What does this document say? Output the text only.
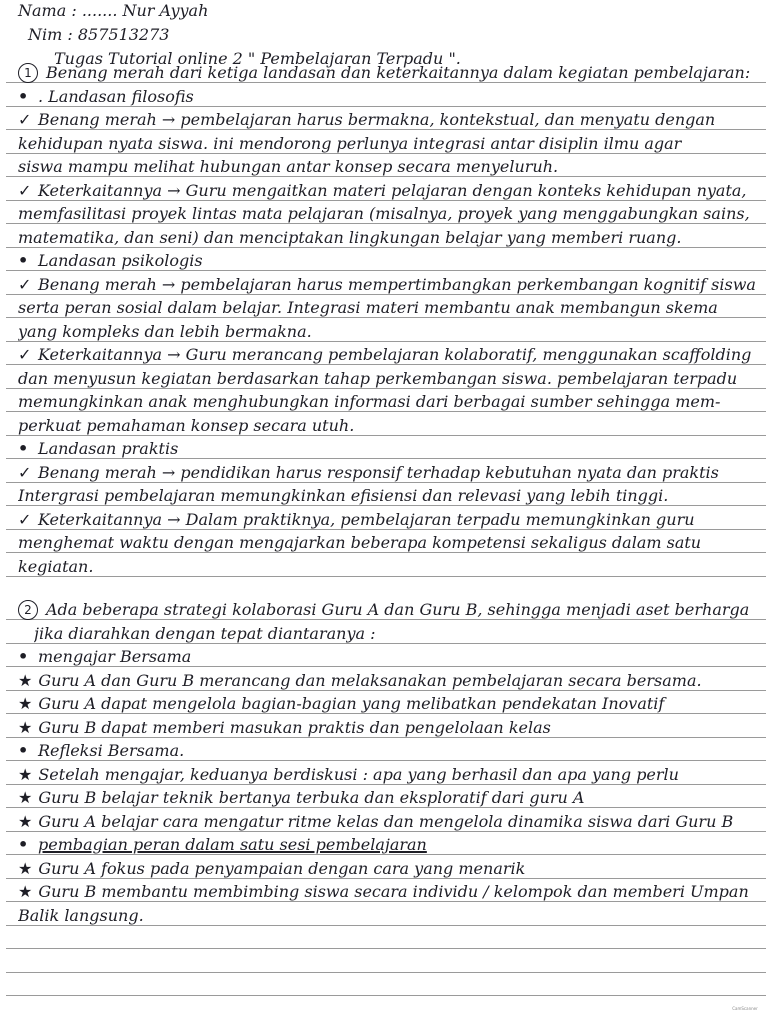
Nama : ....... Nur Ayyah
Nim : 857513273
Tugas Tutorial online 2 " Pembelajaran Terpadu ".
1 Benang merah dari ketiga landasan dan keterkaitannya dalam kegiatan pembelajaran:
• . Landasan filosofis
✓ Benang merah → pembelajaran harus bermakna, kontekstual, dan menyatu dengan
kehidupan nyata siswa. ini mendorong perlunya integrasi antar disiplin ilmu agar
siswa mampu melihat hubungan antar konsep secara menyeluruh.
✓ Keterkaitannya → Guru mengaitkan materi pelajaran dengan konteks kehidupan nyata,
memfasilitasi proyek lintas mata pelajaran (misalnya, proyek yang menggabungkan sains,
matematika, dan seni) dan menciptakan lingkungan belajar yang memberi ruang.
• Landasan psikologis
✓ Benang merah → pembelajaran harus mempertimbangkan perkembangan kognitif siswa
serta peran sosial dalam belajar. Integrasi materi membantu anak membangun skema
yang kompleks dan lebih bermakna.
✓ Keterkaitannya → Guru merancang pembelajaran kolaboratif, menggunakan scaffolding
dan menyusun kegiatan berdasarkan tahap perkembangan siswa. pembelajaran terpadu
memungkinkan anak menghubungkan informasi dari berbagai sumber sehingga mem-
perkuat pemahaman konsep secara utuh.
• Landasan praktis
✓ Benang merah → pendidikan harus responsif terhadap kebutuhan nyata dan praktis
Intergrasi pembelajaran memungkinkan efisiensi dan relevasi yang lebih tinggi.
✓ Keterkaitannya → Dalam praktiknya, pembelajaran terpadu memungkinkan guru
menghemat waktu dengan mengajarkan beberapa kompetensi sekaligus dalam satu
kegiatan.
2 Ada beberapa strategi kolaborasi Guru A dan Guru B, sehingga menjadi aset berharga
jika diarahkan dengan tepat diantaranya :
• mengajar Bersama
★ Guru A dan Guru B merancang dan melaksanakan pembelajaran secara bersama.
★ Guru A dapat mengelola bagian-bagian yang melibatkan pendekatan Inovatif
★ Guru B dapat memberi masukan praktis dan pengelolaan kelas
• Refleksi Bersama.
★ Setelah mengajar, keduanya berdiskusi : apa yang berhasil dan apa yang perlu
★ Guru B belajar teknik bertanya terbuka dan eksploratif dari guru A
★ Guru A belajar cara mengatur ritme kelas dan mengelola dinamika siswa dari Guru B
• pembagian peran dalam satu sesi pembelajaran
★ Guru A fokus pada penyampaian dengan cara yang menarik
★ Guru B membantu membimbing siswa secara individu / kelompok dan memberi Umpan
Balik langsung.
CamScanner
